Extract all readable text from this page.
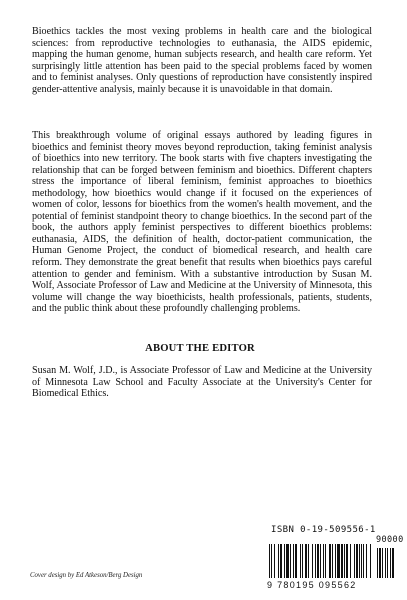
Bioethics tackles the most vexing problems in health care and the biological sciences: from reproductive technologies to euthanasia, the AIDS epidemic, mapping the human genome, human subjects research, and health care reform. Yet surprisingly little attention has been paid to the special problems faced by women and to feminist analyses. Only questions of reproduction have consistently inspired gender-attentive analysis, mainly because it is unavoidable in that domain.

This breakthrough volume of original essays authored by leading figures in bioethics and feminist theory moves beyond reproduction, taking feminist analysis of bioethics into new territory. The book starts with five chapters investigating the relationship that can be forged between feminism and bioethics. Different chapters stress the importance of liberal feminism, feminist approaches to bioethics methodology, how bioethics would change if it focused on the experiences of women of color, lessons for bioethics from the women's health movement, and the potential of feminist standpoint theory to change bioethics. In the second part of the book, the authors apply feminist perspectives to different bioethics problems: euthanasia, AIDS, the definition of health, doctor-patient communication, the Human Genome Project, the conduct of biomedical research, and health care reform. They demonstrate the great benefit that results when bioethics pays careful attention to gender and feminism. With a substantive introduction by Susan M. Wolf, Associate Professor of Law and Medicine at the University of Minnesota, this volume will change the way bioethicists, health professionals, patients, students, and the public think about these profoundly challenging problems.

ABOUT THE EDITOR

Susan M. Wolf, J.D., is Associate Professor of Law and Medicine at the University of Minnesota Law School and Faculty Associate at the University's Center for Biomedical Ethics.

ISBN 0-19-509556-1
90000
9 780195 095562
Cover design by Ed Atkeson/Berg Design
